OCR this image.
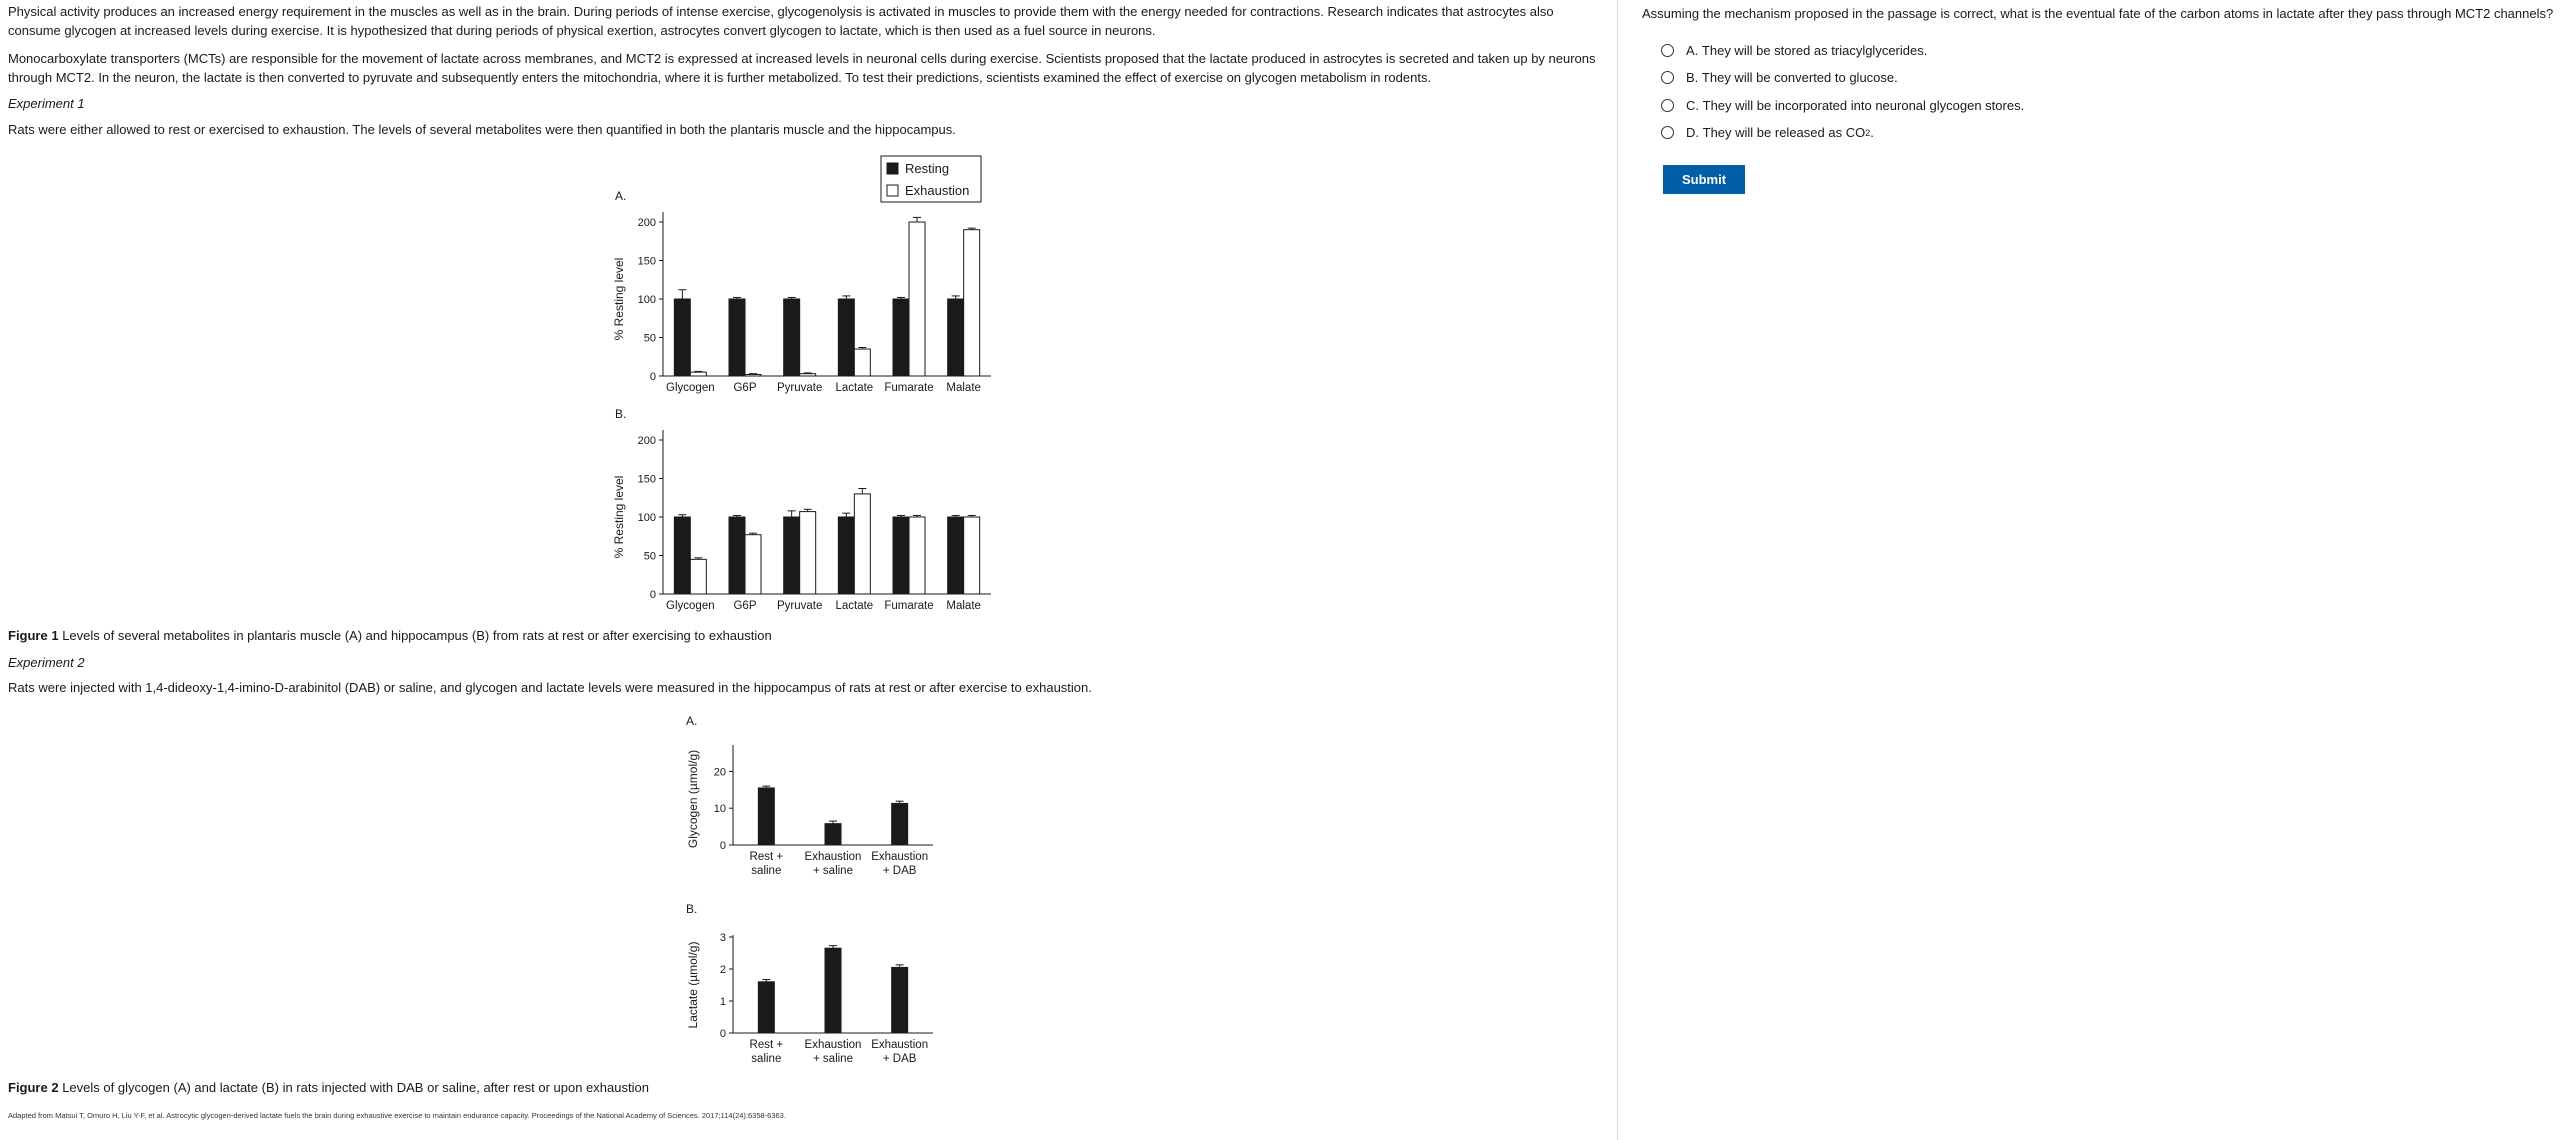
Physical activity produces an increased energy requirement in the muscles as well as in the brain. During periods of intense exercise, glycogenolysis is activated in muscles to provide them with the energy needed for contractions. Research indicates that astrocytes also consume glycogen at increased levels during exercise. It is hypothesized that during periods of physical exertion, astrocytes convert glycogen to lactate, which is then used as a fuel source in neurons.

Monocarboxylate transporters (MCTs) are responsible for the movement of lactate across membranes, and MCT2 is expressed at increased levels in neuronal cells during exercise. Scientists proposed that the lactate produced in astrocytes is secreted and taken up by neurons through MCT2. In the neuron, the lactate is then converted to pyruvate and subsequently enters the mitochondria, where it is further metabolized. To test their predictions, scientists examined the effect of exercise on glycogen metabolism in rodents.

Experiment 1

Rats were either allowed to rest or exercised to exhaustion. The levels of several metabolites were then quantified in both the plantaris muscle and the hippocampus.

A.
% Resting level
0
50
100
150
200
Glycogen G6P Pyruvate Lactate Fumarate Malate
Resting
Exhaustion
B.
% Resting level
0
50
100
150
200
Glycogen G6P Pyruvate Lactate Fumarate Malate

Figure 1 Levels of several metabolites in plantaris muscle (A) and hippocampus (B) from rats at rest or after exercising to exhaustion

Experiment 2

Rats were injected with 1,4-dideoxy-1,4-imino-D-arabinitol (DAB) or saline, and glycogen and lactate levels were measured in the hippocampus of rats at rest or after exercise to exhaustion.

A.
Glycogen (µmol/g) 0
10
20
Rest +
saline
Exhaustion
+ saline
Exhaustion
+ DAB
B.
Lactate (µmol/g)
0
1
2
3
Rest +
saline
Exhaustion
+ saline
Exhaustion
+ DAB

Figure 2 Levels of glycogen (A) and lactate (B) in rats injected with DAB or saline, after rest or upon exhaustion

Adapted from Matsui T, Omuro H, Liu Y-F, et al. Astrocytic glycogen-derived lactate fuels the brain during exhaustive exercise to maintain endurance capacity. Proceedings of the National Academy of Sciences. 2017;114(24):6358-6363.

Assuming the mechanism proposed in the passage is correct, what is the eventual fate of the carbon atoms in lactate after they pass through MCT2 channels?

A.
They will be stored as triacylglycerides.
B.
They will be converted to glucose.
C.
They will be incorporated into neuronal glycogen stores.
D.
They will be released as CO 2 .
Submit
